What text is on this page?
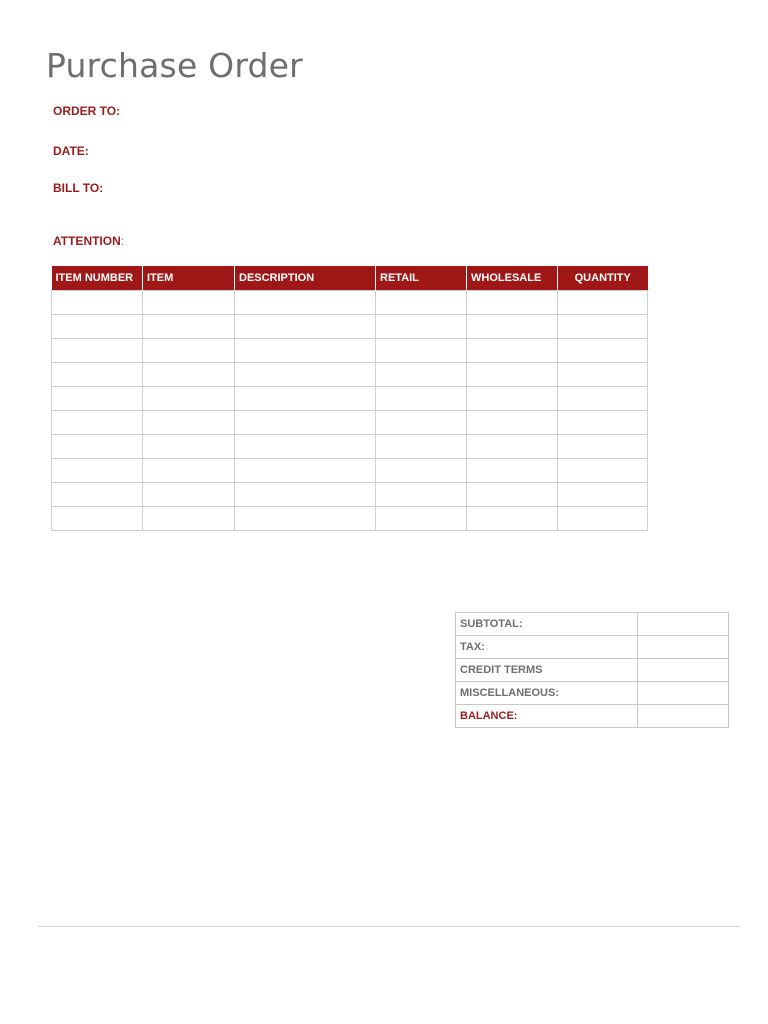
Purchase Order
ORDER TO:
DATE:
BILL TO:
ATTENTION:
ITEM NUMBER	ITEM	DESCRIPTION	RETAIL	WHOLESALE	QUANTITY

SUBTOTAL:	
TAX:	
CREDIT TERMS	
MISCELLANEOUS:	
BALANCE:	
